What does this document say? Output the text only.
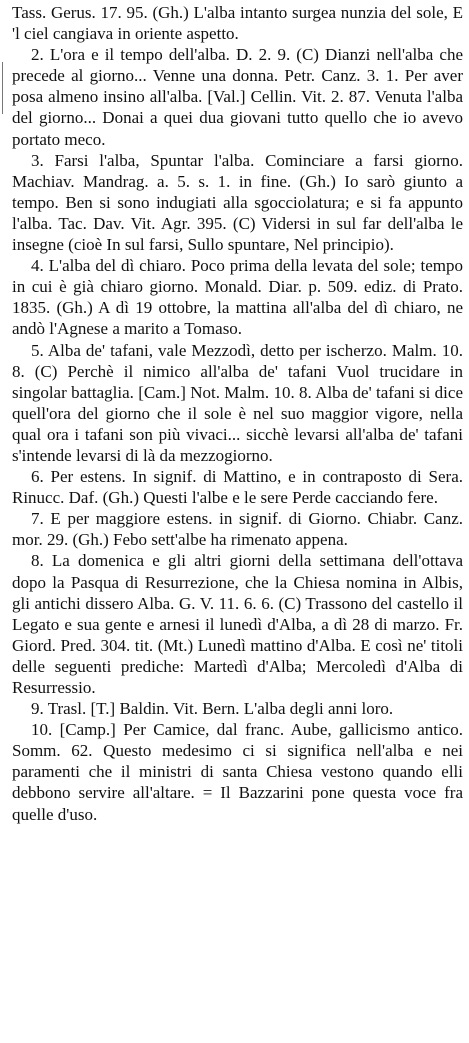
Tass. Gerus. 17. 95. (Gh.) L'alba intanto surgea nunzia del sole, E 'l ciel cangiava in oriente aspetto.

2. L'ora e il tempo dell'alba. D. 2. 9. (C) Dianzi nell'alba che precede al giorno... Venne una donna. Petr. Canz. 3. 1. Per aver posa almeno insino all'alba. [Val.] Cellin. Vit. 2. 87. Venuta l'alba del giorno... Donai a quei dua giovani tutto quello che io avevo portato meco.

3. Farsi l'alba, Spuntar l'alba. Cominciare a farsi giorno. Machiav. Mandrag. a. 5. s. 1. in fine. (Gh.) Io sarò giunto a tempo. Ben si sono indugiati alla sgocciolatura; e si fa appunto l'alba. Tac. Dav. Vit. Agr. 395. (C) Vidersi in sul far dell'alba le insegne (cioè In sul farsi, Sullo spuntare, Nel principio).

4. L'alba del dì chiaro. Poco prima della levata del sole; tempo in cui è già chiaro giorno. Monald. Diar. p. 509. ediz. di Prato. 1835. (Gh.) A dì 19 ottobre, la mattina all'alba del dì chiaro, ne andò l'Agnese a marito a Tomaso.

5. Alba de' tafani, vale Mezzodì, detto per ischerzo. Malm. 10. 8. (C) Perchè il nimico all'alba de' tafani Vuol trucidare in singolar battaglia. [Cam.] Not. Malm. 10. 8. Alba de' tafani si dice quell'ora del giorno che il sole è nel suo maggior vigore, nella qual ora i tafani son più vivaci... sicchè levarsi all'alba de' tafani s'intende levarsi di là da mezzogiorno.

6. Per estens. In signif. di Mattino, e in contraposto di Sera. Rinucc. Daf. (Gh.) Questi l'albe e le sere Perde cacciando fere.

7. E per maggiore estens. in signif. di Giorno. Chiabr. Canz. mor. 29. (Gh.) Febo sett'albe ha rimenato appena.

8. La domenica e gli altri giorni della settimana dell'ottava dopo la Pasqua di Resurrezione, che la Chiesa nomina in Albis, gli antichi dissero Alba. G. V. 11. 6. 6. (C) Trassono del castello il Legato e sua gente e arnesi il lunedì d'Alba, a dì 28 di marzo. Fr. Giord. Pred. 304. tit. (Mt.) Lunedì mattino d'Alba. E così ne' titoli delle seguenti prediche: Martedì d'Alba; Mercoledì d'Alba di Resurressio.

9. Trasl. [T.] Baldin. Vit. Bern. L'alba degli anni loro.

10. [Camp.] Per Camice, dal franc. Aube, gallicismo antico. Somm. 62. Questo medesimo ci si significa nell'alba e nei paramenti che il ministri di santa Chiesa vestono quando elli debbono servire all'altare. = Il Bazzarini pone questa voce fra quelle d'uso.
